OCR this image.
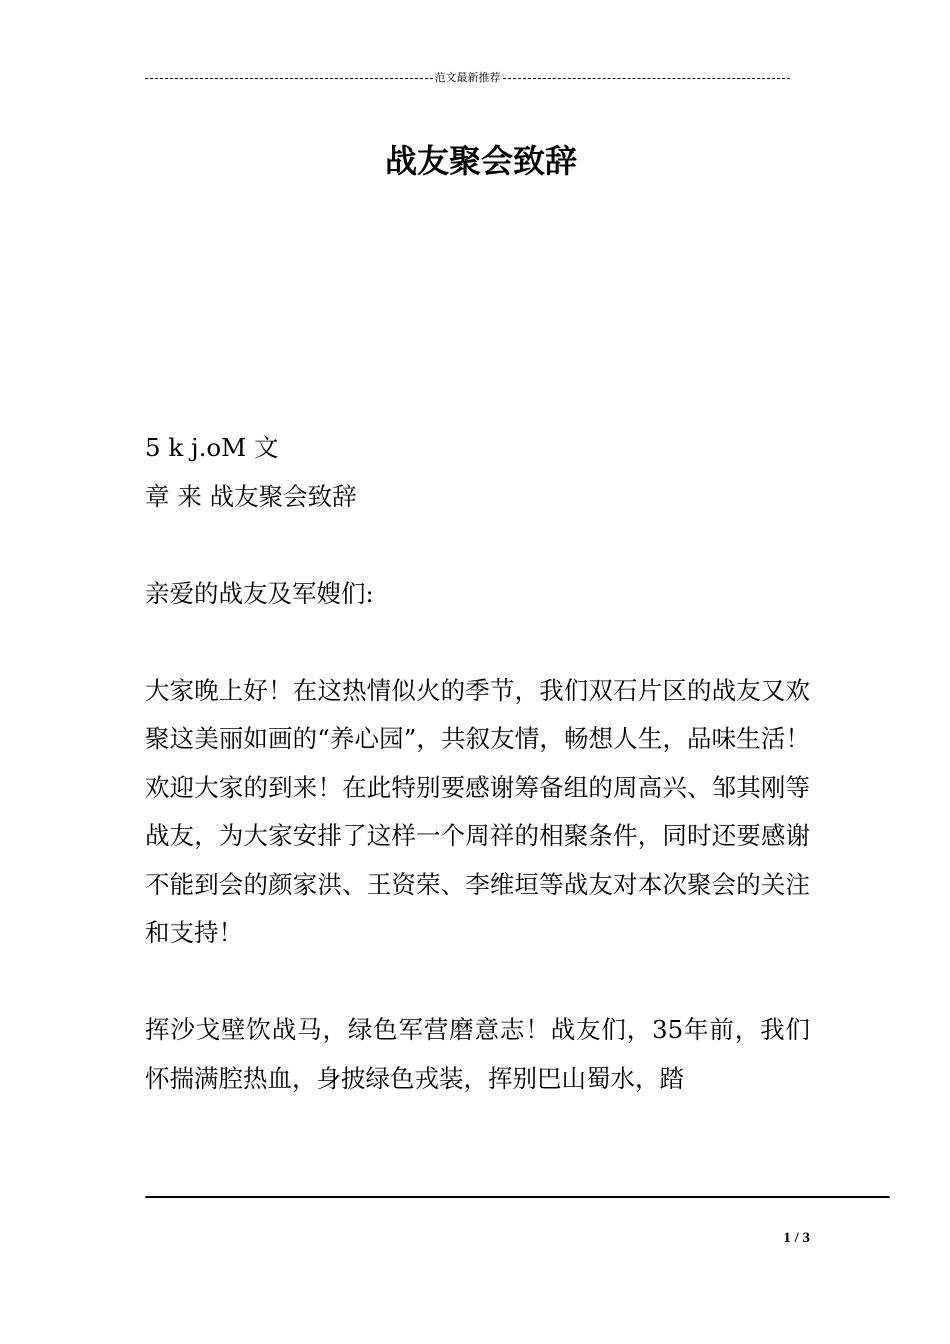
范文最新推荐
战友聚会致辞

5 k j.oM 文

章 来 战友聚会致辞

亲爱的战友及军嫂们:

大家晚上好！在这热情似火的季节，我们双石片区的战友又欢聚这美丽如画的“养心园”，共叙友情，畅想人生，品味生活！欢迎大家的到来！在此特别要感谢筹备组的周高兴、邹其刚等战友，为大家安排了这样一个周祥的相聚条件，同时还要感谢不能到会的颜家洪、王资荣、李维垣等战友对本次聚会的关注和支持！

挥沙戈壁饮战马，绿色军营磨意志！战友们，35年前，我们怀揣满腔热血，身披绿色戎装，挥别巴山蜀水，踏

1 / 3
